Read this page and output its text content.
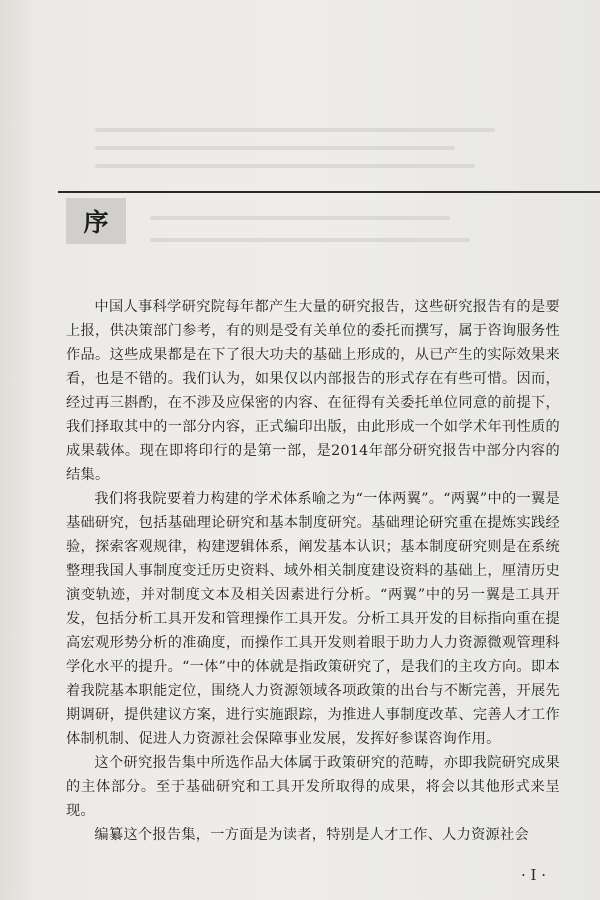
序

中国人事科学研究院每年都产生大量的研究报告，这些研究报告有的是要上报，供决策部门参考，有的则是受有关单位的委托而撰写，属于咨询服务性作品。这些成果都是在下了很大功夫的基础上形成的，从已产生的实际效果来看，也是不错的。我们认为，如果仅以内部报告的形式存在有些可惜。因而，经过再三斟酌，在不涉及应保密的内容、在征得有关委托单位同意的前提下，我们择取其中的一部分内容，正式编印出版，由此形成一个如学术年刊性质的成果载体。现在即将印行的是第一部，是2014年部分研究报告中部分内容的结集。

我们将我院要着力构建的学术体系喻之为“一体两翼”。“两翼”中的一翼是基础研究，包括基础理论研究和基本制度研究。基础理论研究重在提炼实践经验，探索客观规律，构建逻辑体系，阐发基本认识；基本制度研究则是在系统整理我国人事制度变迁历史资料、域外相关制度建设资料的基础上，厘清历史演变轨迹，并对制度文本及相关因素进行分析。“两翼”中的另一翼是工具开发，包括分析工具开发和管理操作工具开发。分析工具开发的目标指向重在提高宏观形势分析的准确度，而操作工具开发则着眼于助力人力资源微观管理科学化水平的提升。“一体”中的体就是指政策研究了，是我们的主攻方向。即本着我院基本职能定位，围绕人力资源领域各项政策的出台与不断完善，开展先期调研，提供建议方案，进行实施跟踪，为推进人事制度改革、完善人才工作体制机制、促进人力资源社会保障事业发展，发挥好参谋咨询作用。

这个研究报告集中所选作品大体属于政策研究的范畴，亦即我院研究成果的主体部分。至于基础研究和工具开发所取得的成果，将会以其他形式来呈现。

编纂这个报告集，一方面是为读者，特别是人才工作、人力资源社会

· I ·
